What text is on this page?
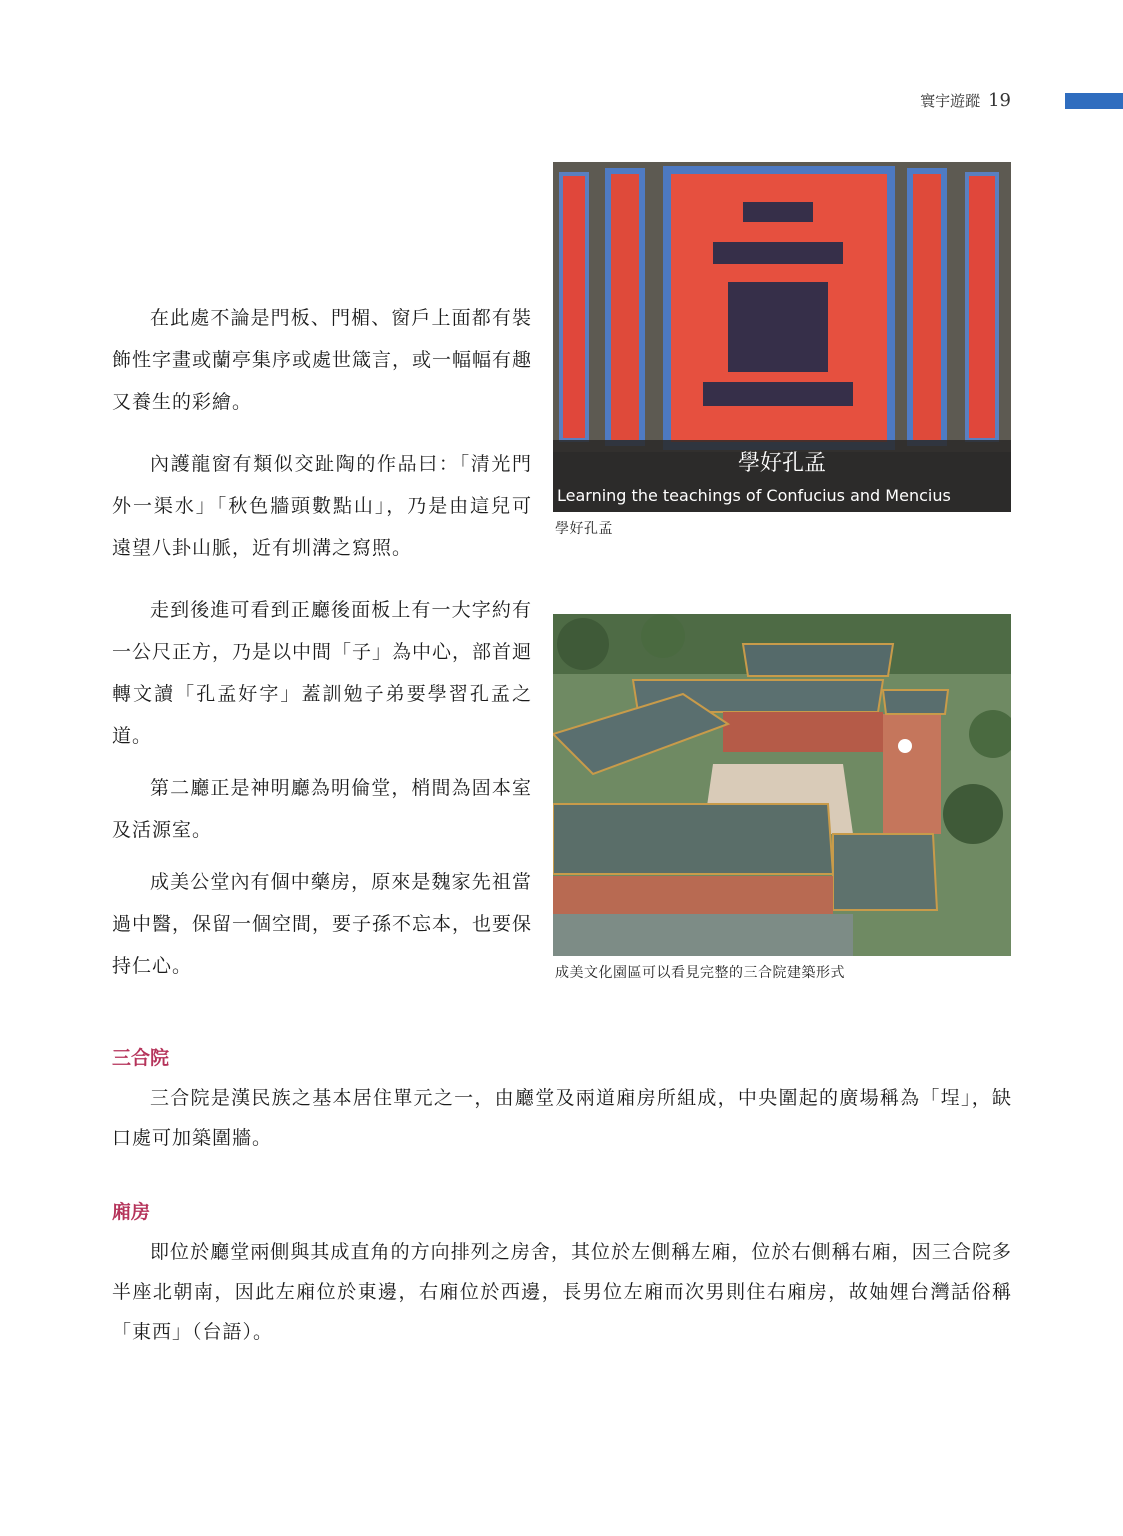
寰宇遊蹤 19

在此處不論是門板、門楣、窗戶上面都有裝飾性字畫或蘭亭集序或處世箴言，或一幅幅有趣又養生的彩繪。

內護龍窗有類似交趾陶的作品曰：「清光門外一渠水」「秋色牆頭數點山」，乃是由這兒可遠望八卦山脈，近有圳溝之寫照。

走到後進可看到正廳後面板上有一大字約有一公尺正方，乃是以中間「子」為中心，部首迴轉文讀「孔孟好字」蓋訓勉子弟要學習孔孟之道。

第二廳正是神明廳為明倫堂，梢間為固本室及活源室。

成美公堂內有個中藥房，原來是魏家先祖當過中醫，保留一個空間，要子孫不忘本，也要保持仁心。

學好孔孟
Learning the teachings of Confucius and Mencius
學好孔孟
成美文化園區可以看見完整的三合院建築形式
三合院

三合院是漢民族之基本居住單元之一，由廳堂及兩道廂房所組成，中央圍起的廣場稱為「埕」，缺口處可加築圍牆。

廂房

即位於廳堂兩側與其成直角的方向排列之房舍，其位於左側稱左廂，位於右側稱右廂，因三合院多半座北朝南，因此左廂位於東邊，右廂位於西邊，長男位左廂而次男則住右廂房，故妯娌台灣話俗稱「東西」（台語）。
